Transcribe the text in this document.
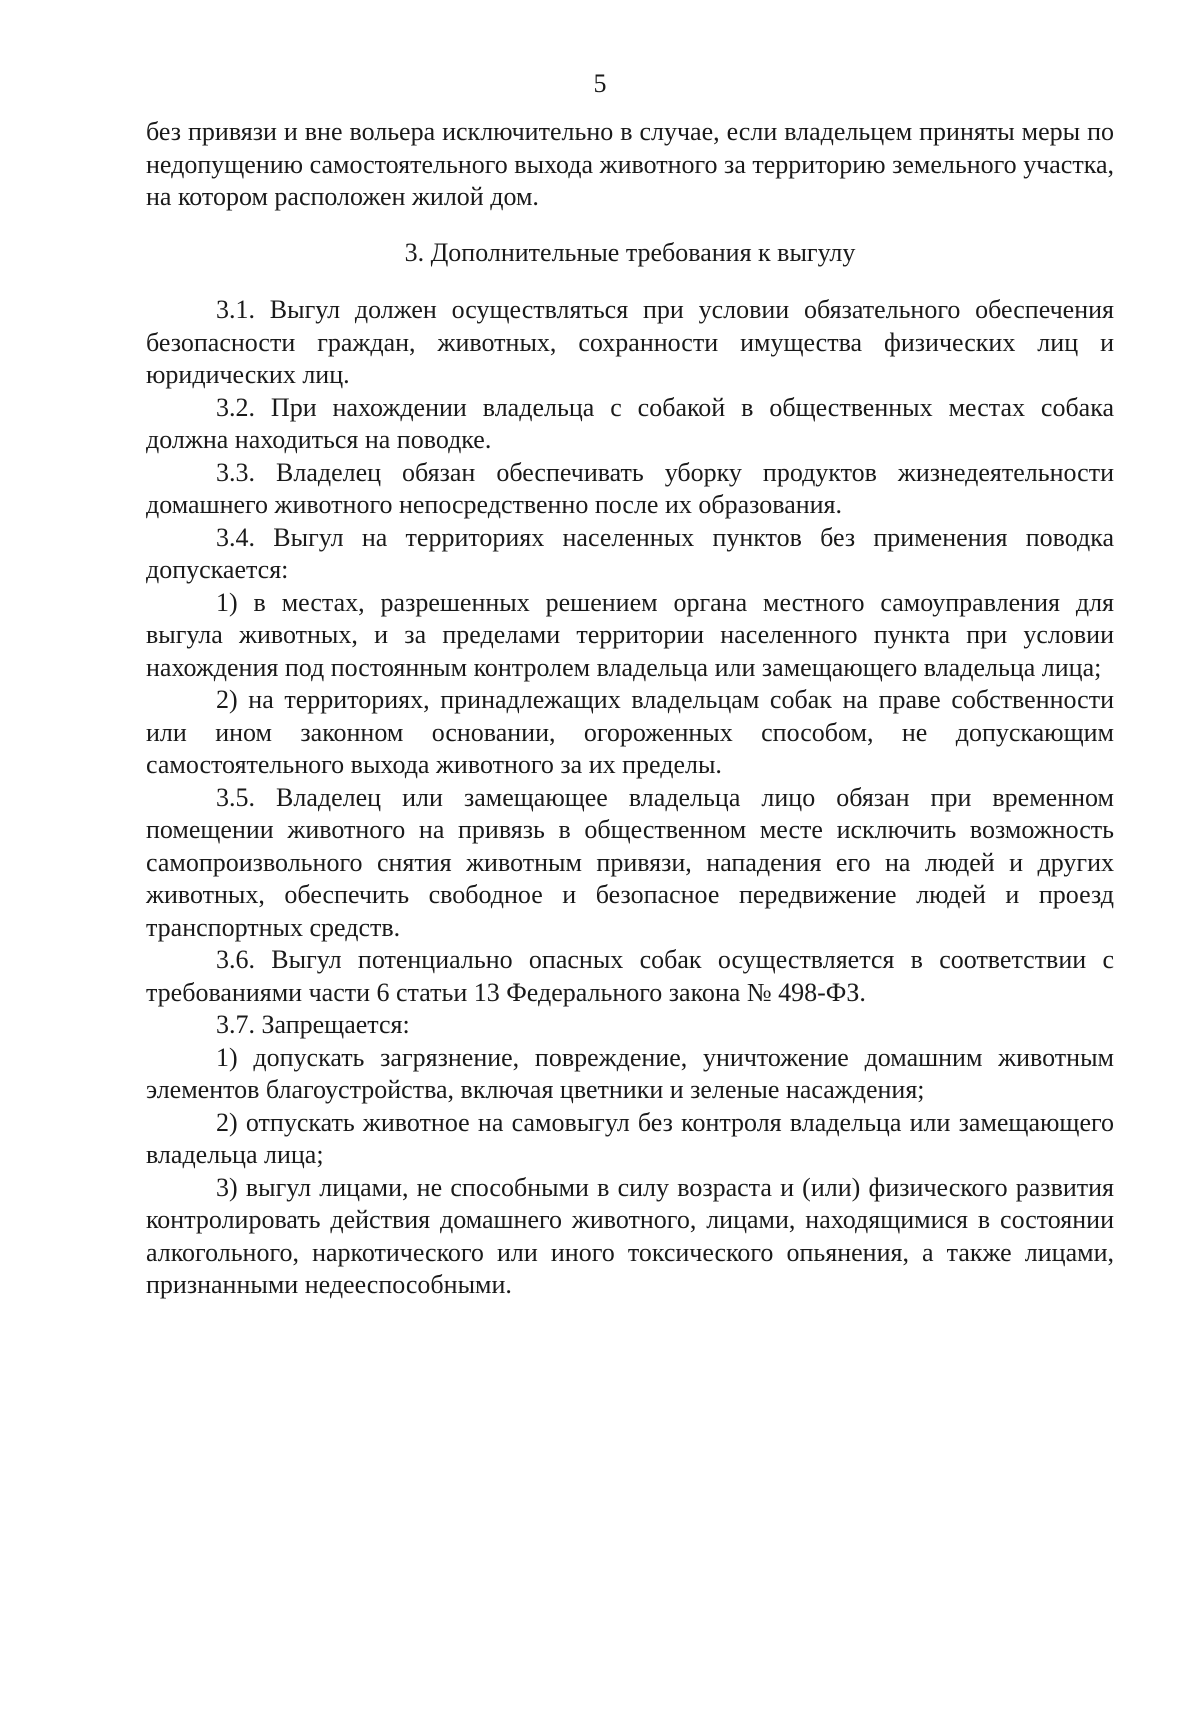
5

без привязи и вне вольера исключительно в случае, если владельцем приняты меры по недопущению самостоятельного выхода животного за территорию земельного участка, на котором расположен жилой дом.

3. Дополнительные требования к выгулу

3.1. Выгул должен осуществляться при условии обязательного обеспечения безопасности граждан, животных, сохранности имущества физических лиц и юридических лиц.

3.2. При нахождении владельца с собакой в общественных местах собака должна находиться на поводке.

3.3. Владелец обязан обеспечивать уборку продуктов жизнедеятельности домашнего животного непосредственно после их образования.

3.4. Выгул на территориях населенных пунктов без применения поводка допускается:

1) в местах, разрешенных решением органа местного самоуправления для выгула животных, и за пределами территории населенного пункта при условии нахождения под постоянным контролем владельца или замещающего владельца лица;

2) на территориях, принадлежащих владельцам собак на праве собственности или ином законном основании, огороженных способом, не допускающим самостоятельного выхода животного за их пределы.

3.5. Владелец или замещающее владельца лицо обязан при временном помещении животного на привязь в общественном месте исключить возможность самопроизвольного снятия животным привязи, нападения его на людей и других животных, обеспечить свободное и безопасное передвижение людей и проезд транспортных средств.

3.6. Выгул потенциально опасных собак осуществляется в соответствии с требованиями части 6 статьи 13 Федерального закона № 498-ФЗ.

3.7. Запрещается:

1) допускать загрязнение, повреждение, уничтожение домашним животным элементов благоустройства, включая цветники и зеленые насаждения;

2) отпускать животное на самовыгул без контроля владельца или замещающего владельца лица;

3) выгул лицами, не способными в силу возраста и (или) физического развития контролировать действия домашнего животного, лицами, находящимися в состоянии алкогольного, наркотического или иного токсического опьянения, а также лицами, признанными недееспособными.
